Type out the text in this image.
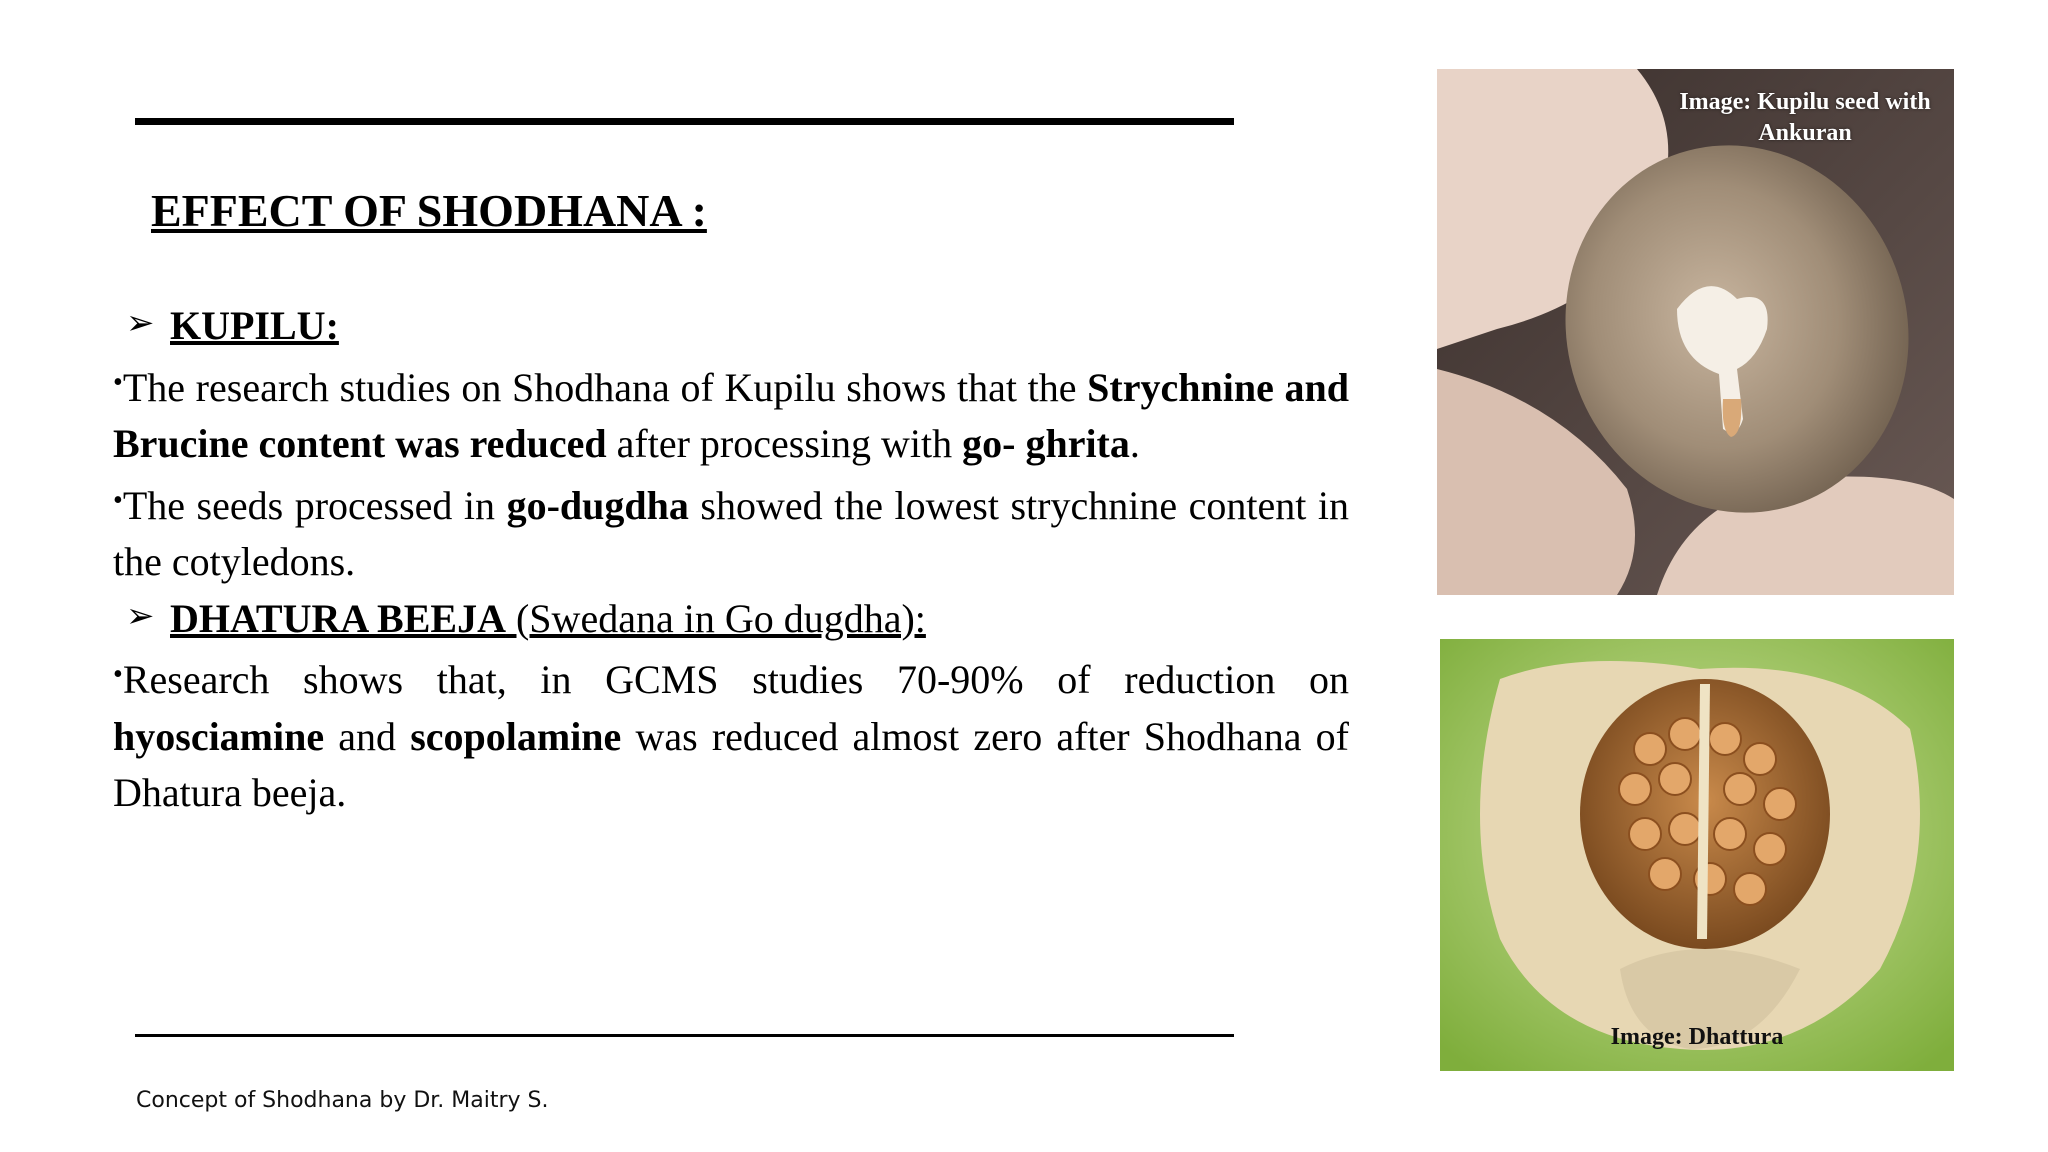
EFFECT OF SHODHANA :
➢ KUPILU:

•The research studies on Shodhana of Kupilu shows that the Strychnine and Brucine content was reduced after processing with go- ghrita.

•The seeds processed in go-dugdha showed the lowest strychnine content in the cotyledons.

➢ DHATURA BEEJA (Swedana in Go dugdha):

•Research shows that, in GCMS studies 70-90% of reduction on hyosciamine and scopolamine was reduced almost zero after Shodhana of Dhatura beeja.

Concept of Shodhana by Dr. Maitry S.
Image: Kupilu seed with Ankuran
Image: Dhattura
